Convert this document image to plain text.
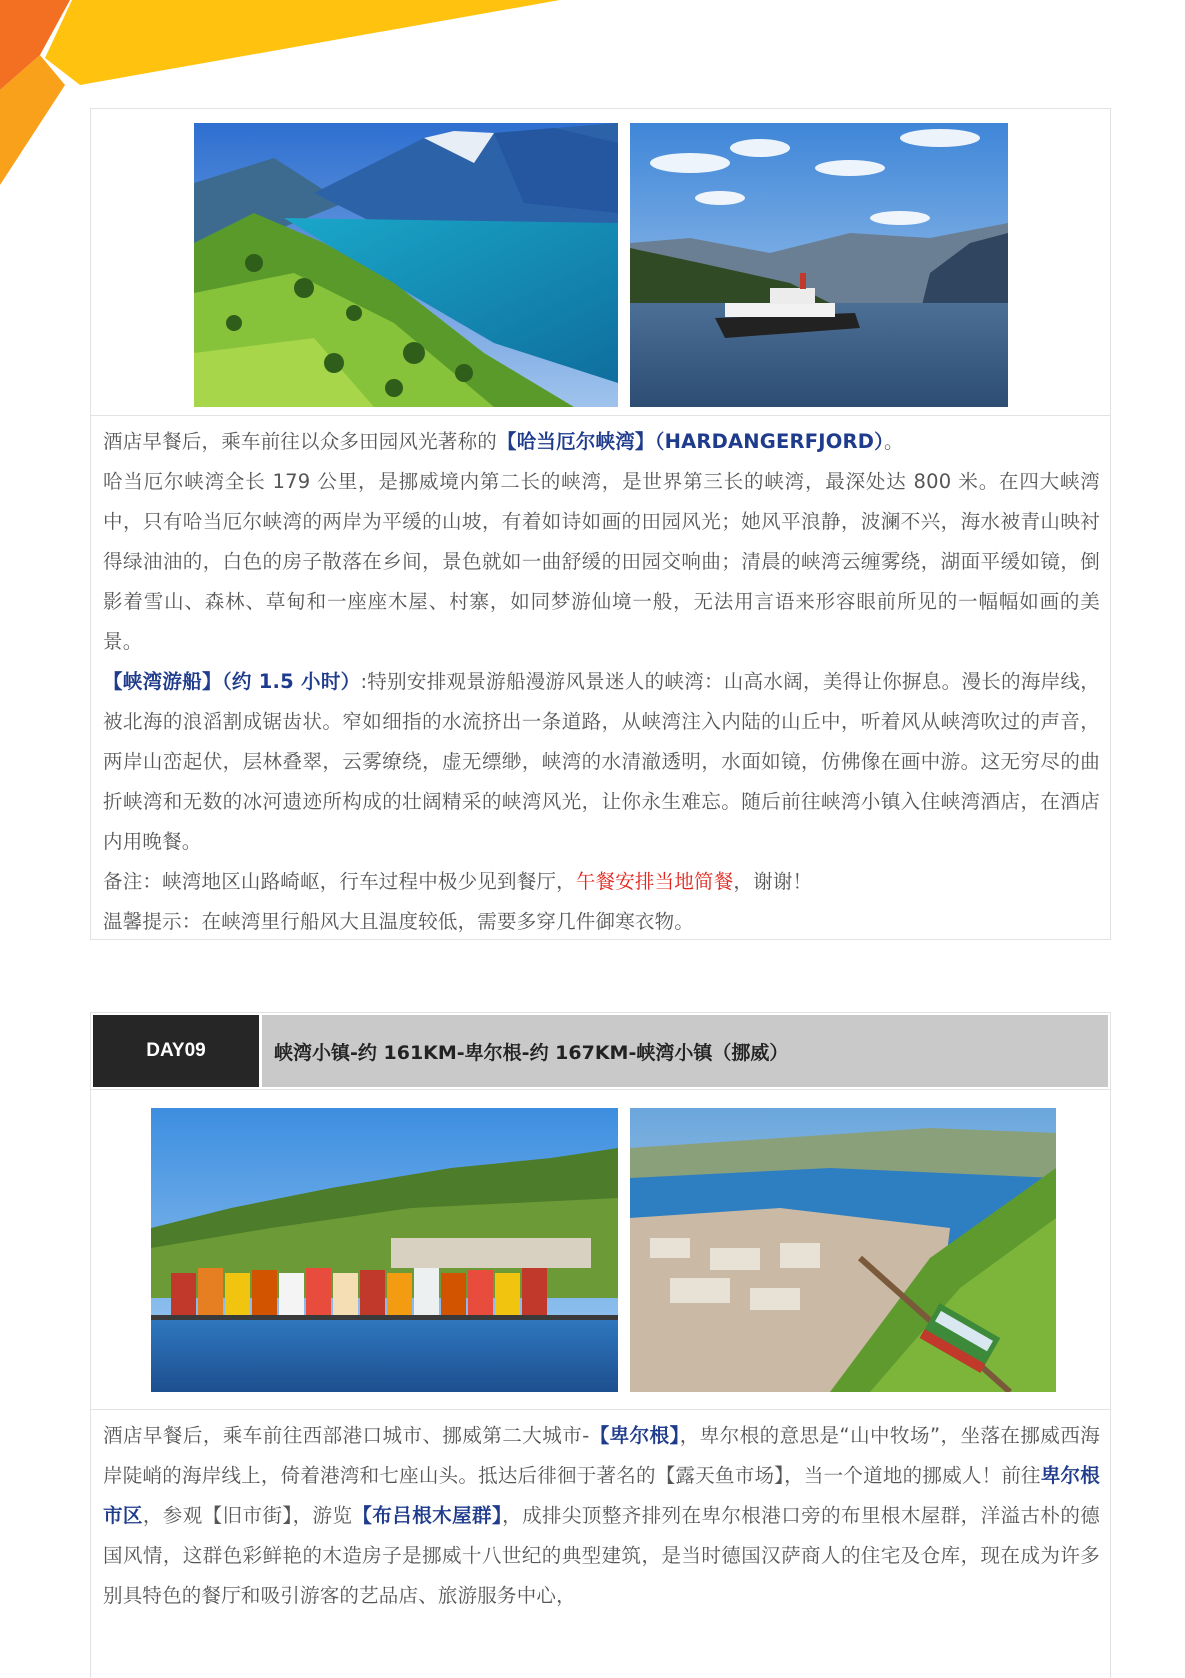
酒店早餐后，乘车前往以众多田园风光著称的【哈当厄尔峡湾】（HARDANGERFJORD）。

哈当厄尔峡湾全长 179 公里，是挪威境内第二长的峡湾，是世界第三长的峡湾，最深处达 800 米。在四大峡湾中，只有哈当厄尔峡湾的两岸为平缓的山坡，有着如诗如画的田园风光；她风平浪静，波澜不兴，海水被青山映衬得绿油油的，白色的房子散落在乡间，景色就如一曲舒缓的田园交响曲；清晨的峡湾云缠雾绕，湖面平缓如镜，倒影着雪山、森林、草甸和一座座木屋、村寨，如同梦游仙境一般，无法用言语来形容眼前所见的一幅幅如画的美景。

【峡湾游船】（约 1.5 小时）:特别安排观景游船漫游风景迷人的峡湾：山高水阔，美得让你摒息。漫长的海岸线，被北海的浪滔割成锯齿状。窄如细指的水流挤出一条道路，从峡湾注入内陆的山丘中，听着风从峡湾吹过的声音，两岸山峦起伏，层林叠翠，云雾缭绕，虚无缥缈，峡湾的水清澈透明，水面如镜，仿佛像在画中游。这无穷尽的曲折峡湾和无数的冰河遗迹所构成的壮阔精采的峡湾风光，让你永生难忘。随后前往峡湾小镇入住峡湾酒店，在酒店内用晚餐。

备注：峡湾地区山路崎岖，行车过程中极少见到餐厅，午餐安排当地简餐，谢谢！

温馨提示：在峡湾里行船风大且温度较低，需要多穿几件御寒衣物。

DAY09	峡湾小镇-约 161KM-卑尔根-约 167KM-峡湾小镇（挪威）

酒店早餐后，乘车前往西部港口城市、挪威第二大城市-【卑尔根】，卑尔根的意思是“山中牧场”，坐落在挪威西海岸陡峭的海岸线上，倚着港湾和七座山头。抵达后徘徊于著名的【露天鱼市场】，当一个道地的挪威人！前往卑尔根市区，参观【旧市街】，游览【布吕根木屋群】，成排尖顶整齐排列在卑尔根港口旁的布里根木屋群，洋溢古朴的德国风情，这群色彩鲜艳的木造房子是挪威十八世纪的典型建筑，是当时德国汉萨商人的住宅及仓库，现在成为许多别具特色的餐厅和吸引游客的艺品店、旅游服务中心，
